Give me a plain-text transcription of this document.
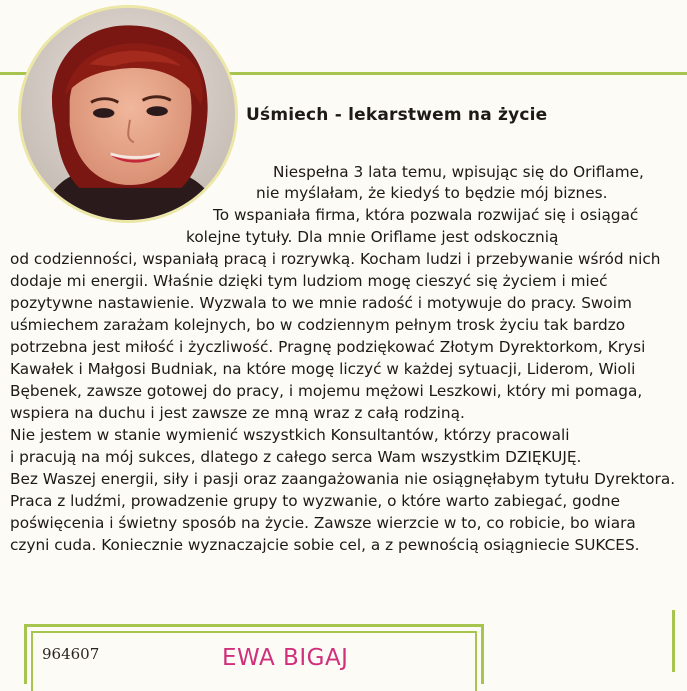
Uśmiech - lekarstwem na życie
Niespełna 3 lata temu, wpisując się do Oriflame,
nie myślałam, że kiedyś to będzie mój biznes.
To wspaniała firma, która pozwala rozwijać się i osiągać
kolejne tytuły. Dla mnie Oriflame jest odskocznią
od codzienności, wspaniałą pracą i rozrywką. Kocham ludzi i przebywanie wśród nich
dodaje mi energii. Właśnie dzięki tym ludziom mogę cieszyć się życiem i mieć
pozytywne nastawienie. Wyzwala to we mnie radość i motywuje do pracy. Swoim
uśmiechem zarażam kolejnych, bo w codziennym pełnym trosk życiu tak bardzo
potrzebna jest miłość i życzliwość. Pragnę podziękować Złotym Dyrektorkom, Krysi
Kawałek i Małgosi Budniak, na które mogę liczyć w każdej sytuacji, Liderom, Wioli
Bębenek, zawsze gotowej do pracy, i mojemu mężowi Leszkowi, który mi pomaga,
wspiera na duchu i jest zawsze ze mną wraz z całą rodziną.
Nie jestem w stanie wymienić wszystkich Konsultantów, którzy pracowali
i pracują na mój sukces, dlatego z całego serca Wam wszystkim DZIĘKUJĘ.
Bez Waszej energii, siły i pasji oraz zaangażowania nie osiągnęłabym tytułu Dyrektora.
Praca z ludźmi, prowadzenie grupy to wyzwanie, o które warto zabiegać, godne
poświęcenia i świetny sposób na życie. Zawsze wierzcie w to, co robicie, bo wiara
czyni cuda. Koniecznie wyznaczajcie sobie cel, a z pewnością osiągniecie SUKCES.
964607	EWA BIGAJ
